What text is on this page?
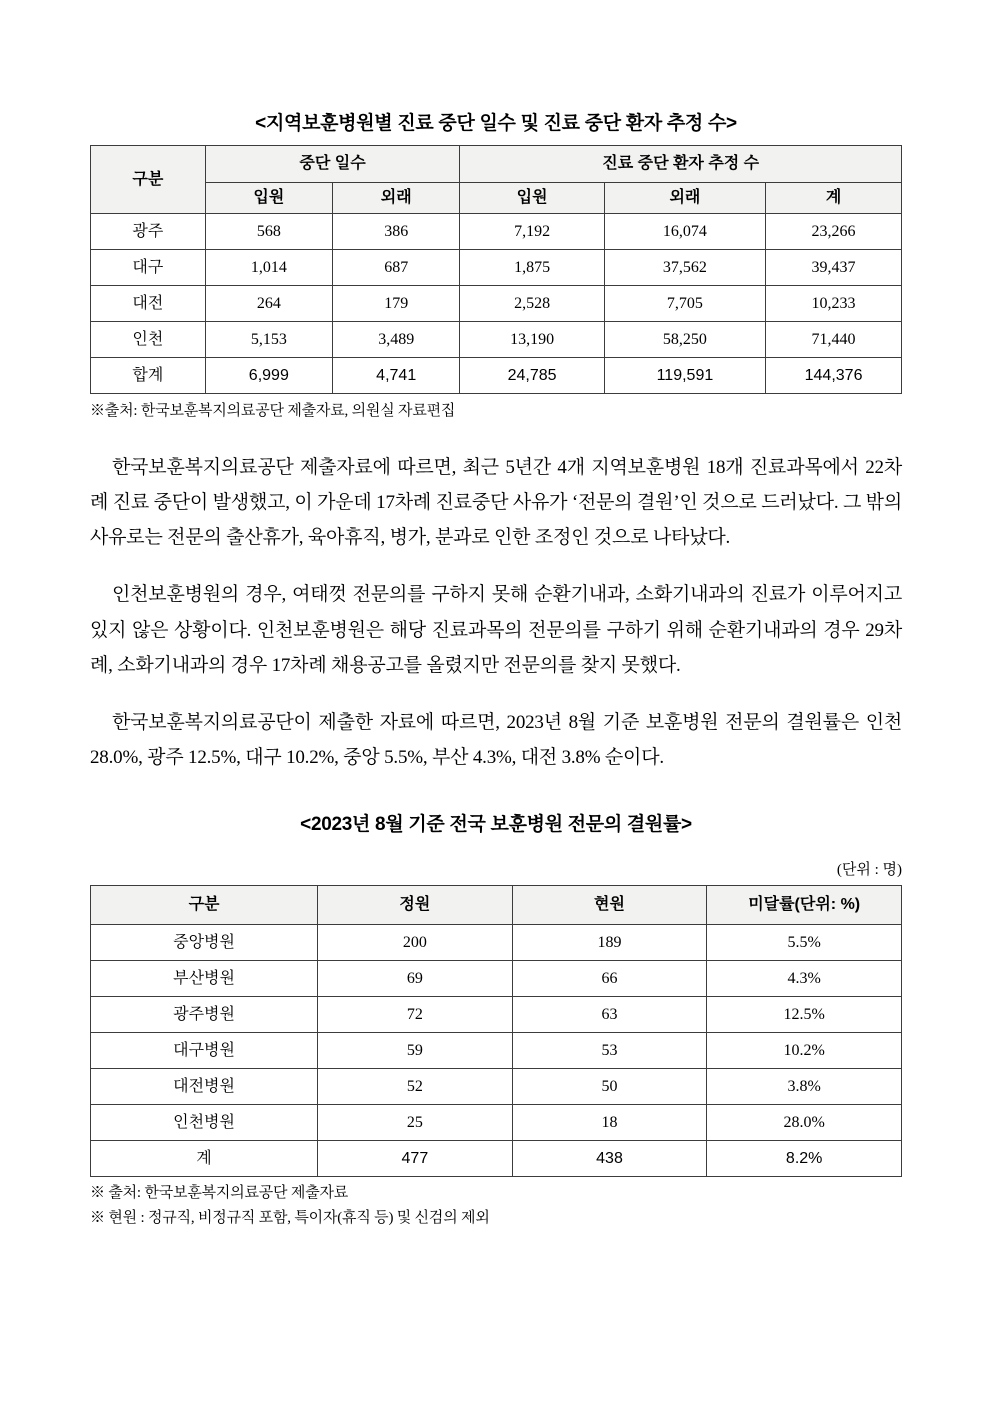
<지역보훈병원별 진료 중단 일수 및 진료 중단 환자 추정 수>
구분	중단 일수		진료 중단 환자 추정 수		
	입원	외래	입원	외래	계
광주	568	386	7,192	16,074	23,266
대구	1,014	687	1,875	37,562	39,437
대전	264	179	2,528	7,705	10,233
인천	5,153	3,489	13,190	58,250	71,440
합계	6,999	4,741	24,785	119,591	144,376
※출처: 한국보훈복지의료공단 제출자료, 의원실 자료편집

한국보훈복지의료공단 제출자료에 따르면, 최근 5년간 4개 지역보훈병원 18개 진료과목에서 22차례 진료 중단이 발생했고, 이 가운데 17차례 진료중단 사유가 ‘전문의 결원’인 것으로 드러났다. 그 밖의 사유로는 전문의 출산휴가, 육아휴직, 병가, 분과로 인한 조정인 것으로 나타났다.

인천보훈병원의 경우, 여태껏 전문의를 구하지 못해 순환기내과, 소화기내과의 진료가 이루어지고 있지 않은 상황이다. 인천보훈병원은 해당 진료과목의 전문의를 구하기 위해 순환기내과의 경우 29차례, 소화기내과의 경우 17차례 채용공고를 올렸지만 전문의를 찾지 못했다.

한국보훈복지의료공단이 제출한 자료에 따르면, 2023년 8월 기준 보훈병원 전문의 결원률은 인천 28.0%, 광주 12.5%, 대구 10.2%, 중앙 5.5%, 부산 4.3%, 대전 3.8% 순이다.

<2023년 8월 기준 전국 보훈병원 전문의 결원률>
(단위 : 명)
구분	정원	현원	미달률(단위: %)
중앙병원	200	189	5.5%
부산병원	69	66	4.3%
광주병원	72	63	12.5%
대구병원	59	53	10.2%
대전병원	52	50	3.8%
인천병원	25	18	28.0%
계	477	438	8.2%
※ 출처: 한국보훈복지의료공단 제출자료
※ 현원 : 정규직, 비정규직 포함, 특이자(휴직 등) 및 신검의 제외
